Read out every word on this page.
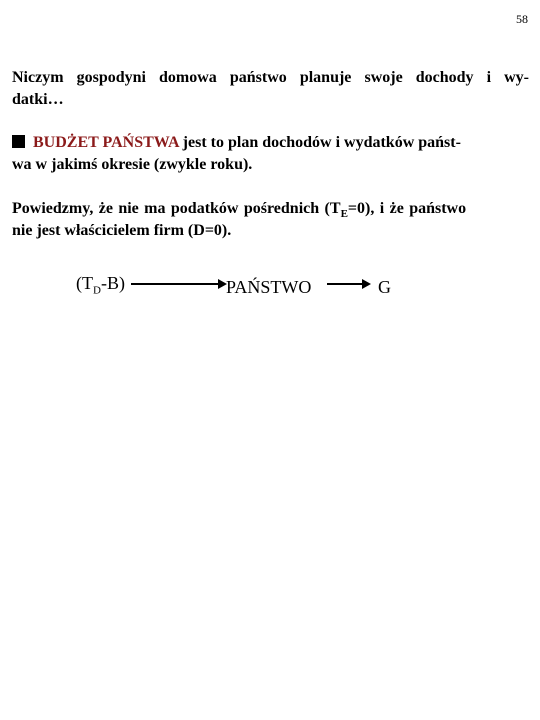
58
Niczym gospodyni domowa państwo planuje swoje dochody i wy-
datki…
BUDŻET PAŃSTWA jest to plan dochodów i wydatków państ-
wa w jakimś okresie (zwykle roku).
Powiedzmy, że nie ma podatków pośrednich $(T_E=0)$, i że państwo
nie jest właścicielem firm (D=0).
$(T_D-B)$	PAŃSTWO	G
